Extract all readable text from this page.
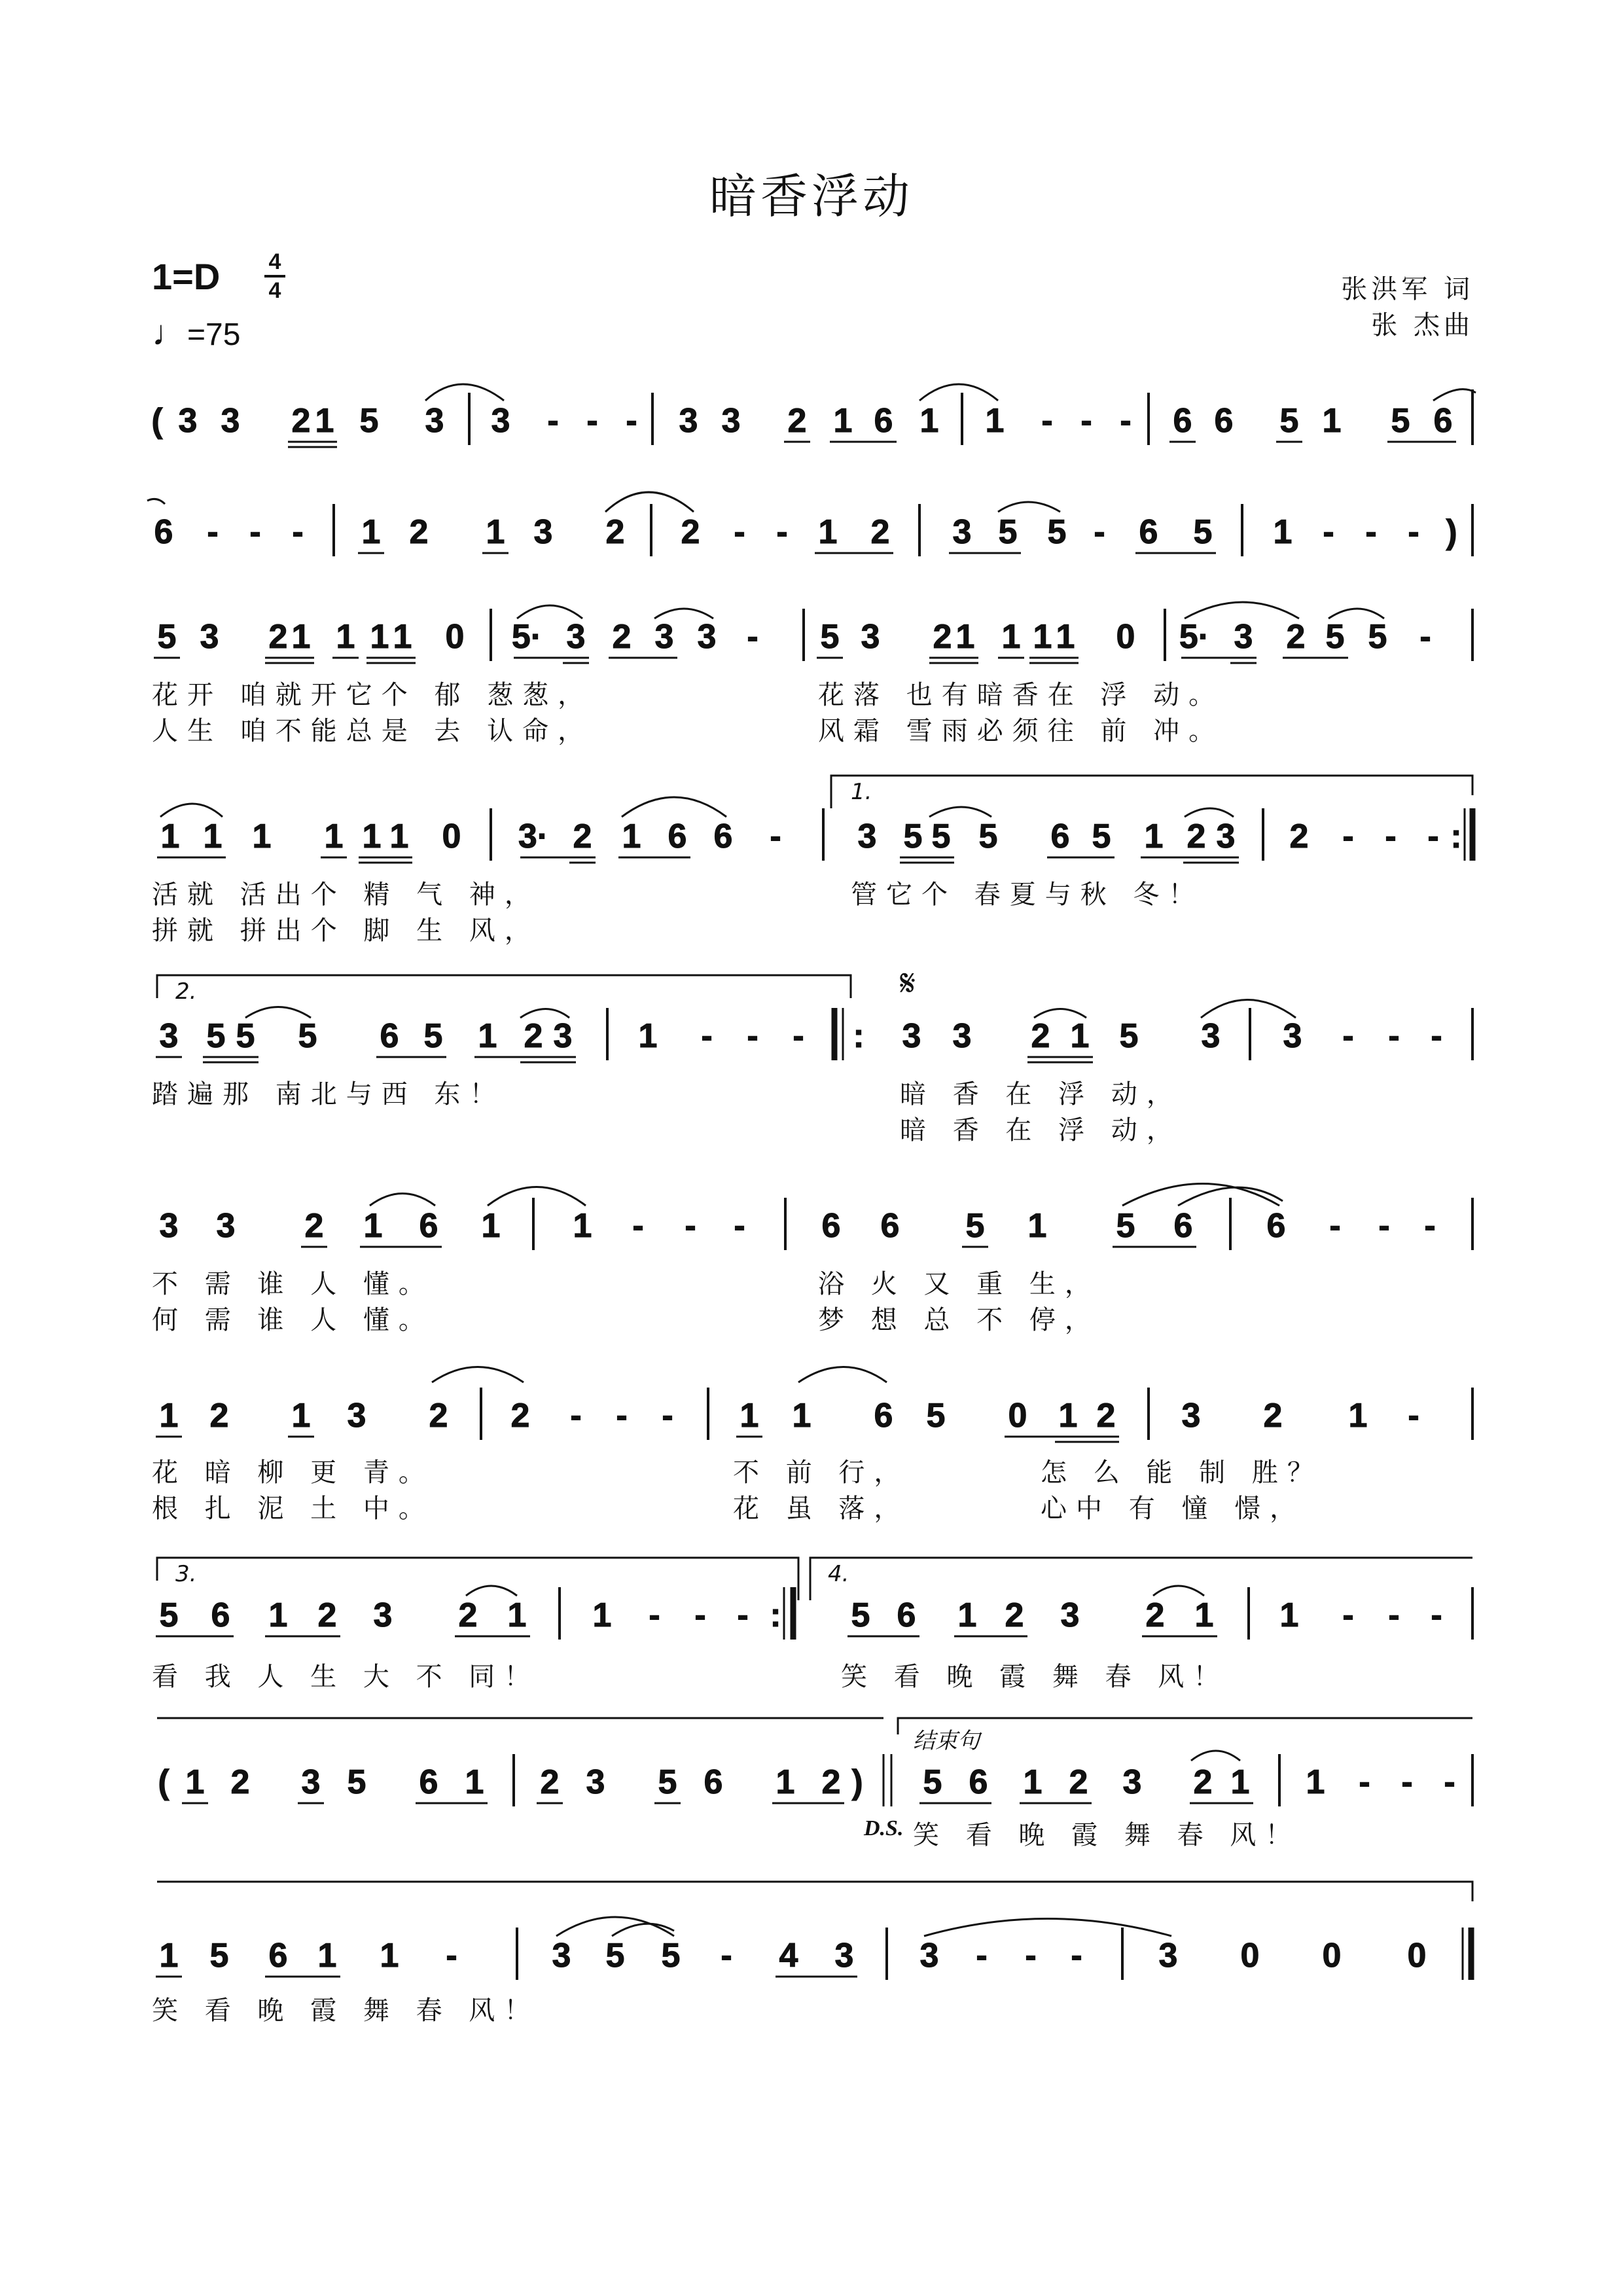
暗香浮动
1=D	4
4
♩=75
张洪军 词
张 杰曲
( 3 3 2 1 5 3 3 - - - 3 3 2 1 6 1 1 - - - 6 6 5 1 5 6
6 - - - 1 2 1 3 2 2 - - 1 2 3 5 5 - 6 5 1 - - - )
5 3 2 1 1 1 1 0 5· 3 2 3 3 - 5 3 2 1 1 1 1 0 5· 3 2 5 5 -
1 1 1 1 1 1 0 3· 2 1 6 6 - 3 5 5 5 6 5 1 2 3 2 - - - :
3 5 5 5 6 5 1 2 3 1 - - - : 3 3 2 1 5 3 3 - - -
3 3 2 1 6 1 1 - - - 6 6 5 1 5 6 6 - - -
1 2 1 3 2 2 - - - 1 1 6 5 0 1 2 3 2 1 -
5 6 1 2 3 2 1 1 - - - : 5 6 1 2 3 2 1 1 - - -
( 1 2 3 5 6 1 2 3 5 6 1 2 ) 5 6 1 2 3 2 1 1 - - -
1 5 6 1 1 -	3 5 5 - 4 3 3 - - - 3 0 0 0
1.
2.
3.	4.
𝄋
结束句
D.S.
花开 咱就开它个 郁 葱葱，	花落 也有暗香在 浮 动。
人生 咱不能总是 去 认命，	风霜 雪雨必须往 前 冲。
活就 活出个 精 气 神，	管它个 春夏与秋 冬！
拼就 拼出个 脚 生 风，
踏遍那 南北与西 东！	暗 香 在 浮 动，
暗 香 在 浮 动，
不 需 谁 人 懂。	浴 火 又 重 生，
何 需 谁 人 懂。	梦 想 总 不 停，
花 暗 柳 更 青。	不 前 行，	怎 么 能 制 胜？
根 扎 泥 土 中。	花 虽 落，	心中 有 憧 憬，
看 我 人 生 大 不 同！	笑 看 晚 霞 舞 春 风！
笑 看 晚 霞 舞 春 风！
笑 看 晚 霞 舞 春 风！
